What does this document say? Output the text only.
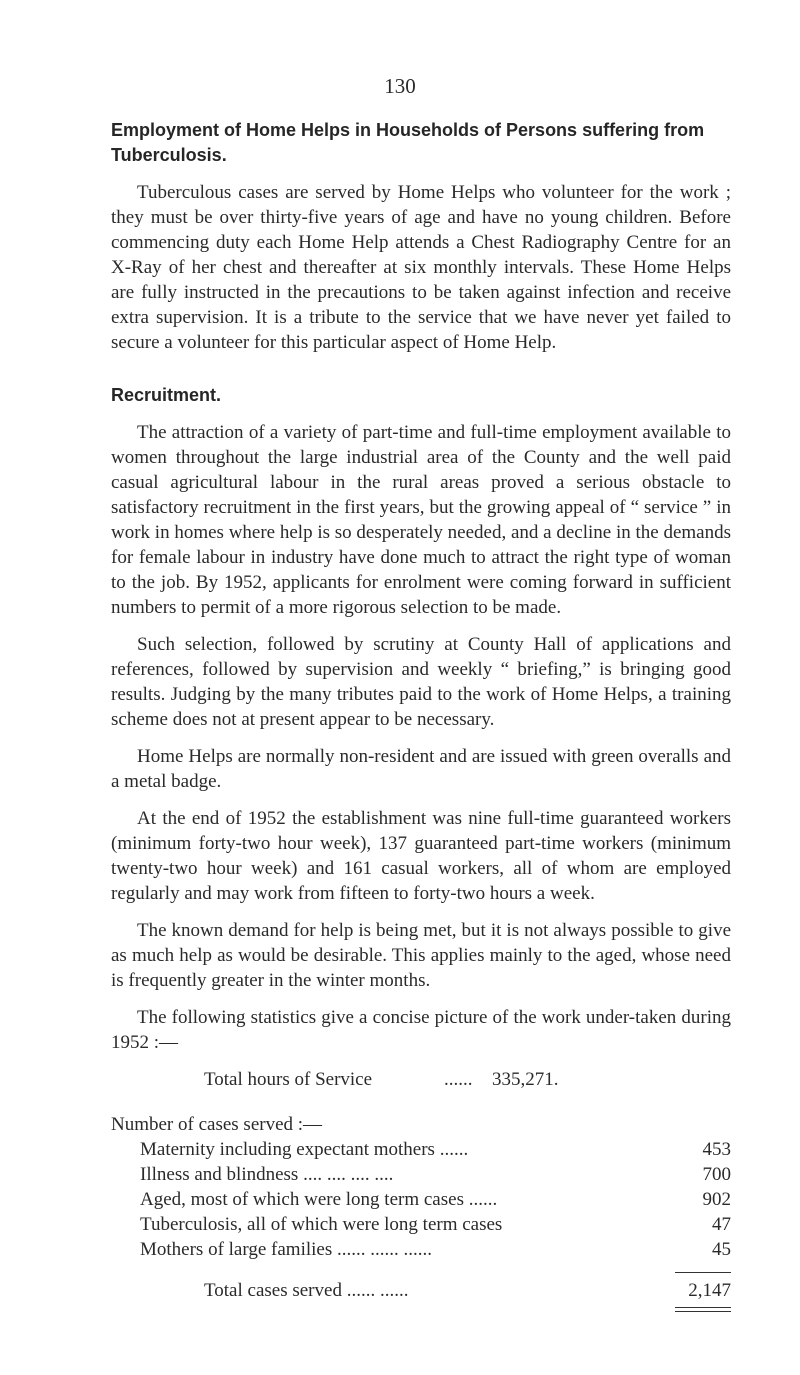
130
Employment of Home Helps in Households of Persons suffering from
Tuberculosis.

Tuberculous cases are served by Home Helps who volunteer for the work ; they must be over thirty-five years of age and have no young children. Before commencing duty each Home Help attends a Chest Radiography Centre for an X-Ray of her chest and thereafter at six monthly intervals. These Home Helps are fully instructed in the precautions to be taken against infection and receive extra supervision. It is a tribute to the service that we have never yet failed to secure a volunteer for this particular aspect of Home Help.

Recruitment.

The attraction of a variety of part-time and full-time employment available to women throughout the large industrial area of the County and the well paid casual agricultural labour in the rural areas proved a serious obstacle to satisfactory recruitment in the first years, but the growing appeal of “ service ” in work in homes where help is so desperately needed, and a decline in the demands for female labour in industry have done much to attract the right type of woman to the job. By 1952, applicants for enrolment were coming forward in sufficient numbers to permit of a more rigorous selection to be made.

Such selection, followed by scrutiny at County Hall of applications and references, followed by supervision and weekly “ briefing,” is bringing good results. Judging by the many tributes paid to the work of Home Helps, a training scheme does not at present appear to be necessary.

Home Helps are normally non-resident and are issued with green overalls and a metal badge.

At the end of 1952 the establishment was nine full-time guaranteed workers (minimum forty-two hour week), 137 guaranteed part-time workers (minimum twenty-two hour week) and 161 casual workers, all of whom are employed regularly and may work from fifteen to forty-two hours a week.

The known demand for help is being met, but it is not always possible to give as much help as would be desirable. This applies mainly to the aged, whose need is frequently greater in the winter months.

The following statistics give a concise picture of the work under-taken during 1952 :—

Total hours of Service	...... 335,271.
Number of cases served :—
Maternity including expectant mothers ......	453
Illness and blindness .... .... .... ....	700
Aged, most of which were long term cases ......	902
Tuberculosis, all of which were long term cases	47
Mothers of large families ...... ...... ......	45
Total cases served ...... ......	2,147
